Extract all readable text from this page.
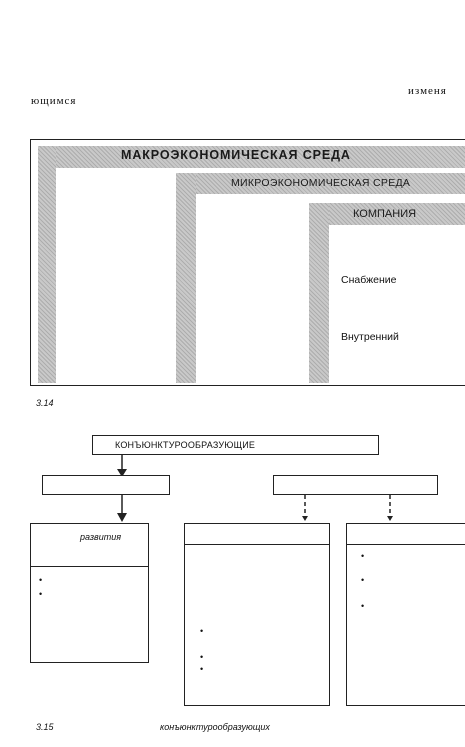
изменя
ющимся
МАКРОЭКОНОМИЧЕСКАЯ СРЕДА
МИКРОЭКОНОМИЧЕСКАЯ СРЕДА
КОМПАНИЯ
Снабжение
Внутренний
3.14
КОНЪЮНКТУРООБРАЗУЮЩИЕ
развития
•
•
•
•
•
•
•
•
3.15	конъюнктурообразующих
